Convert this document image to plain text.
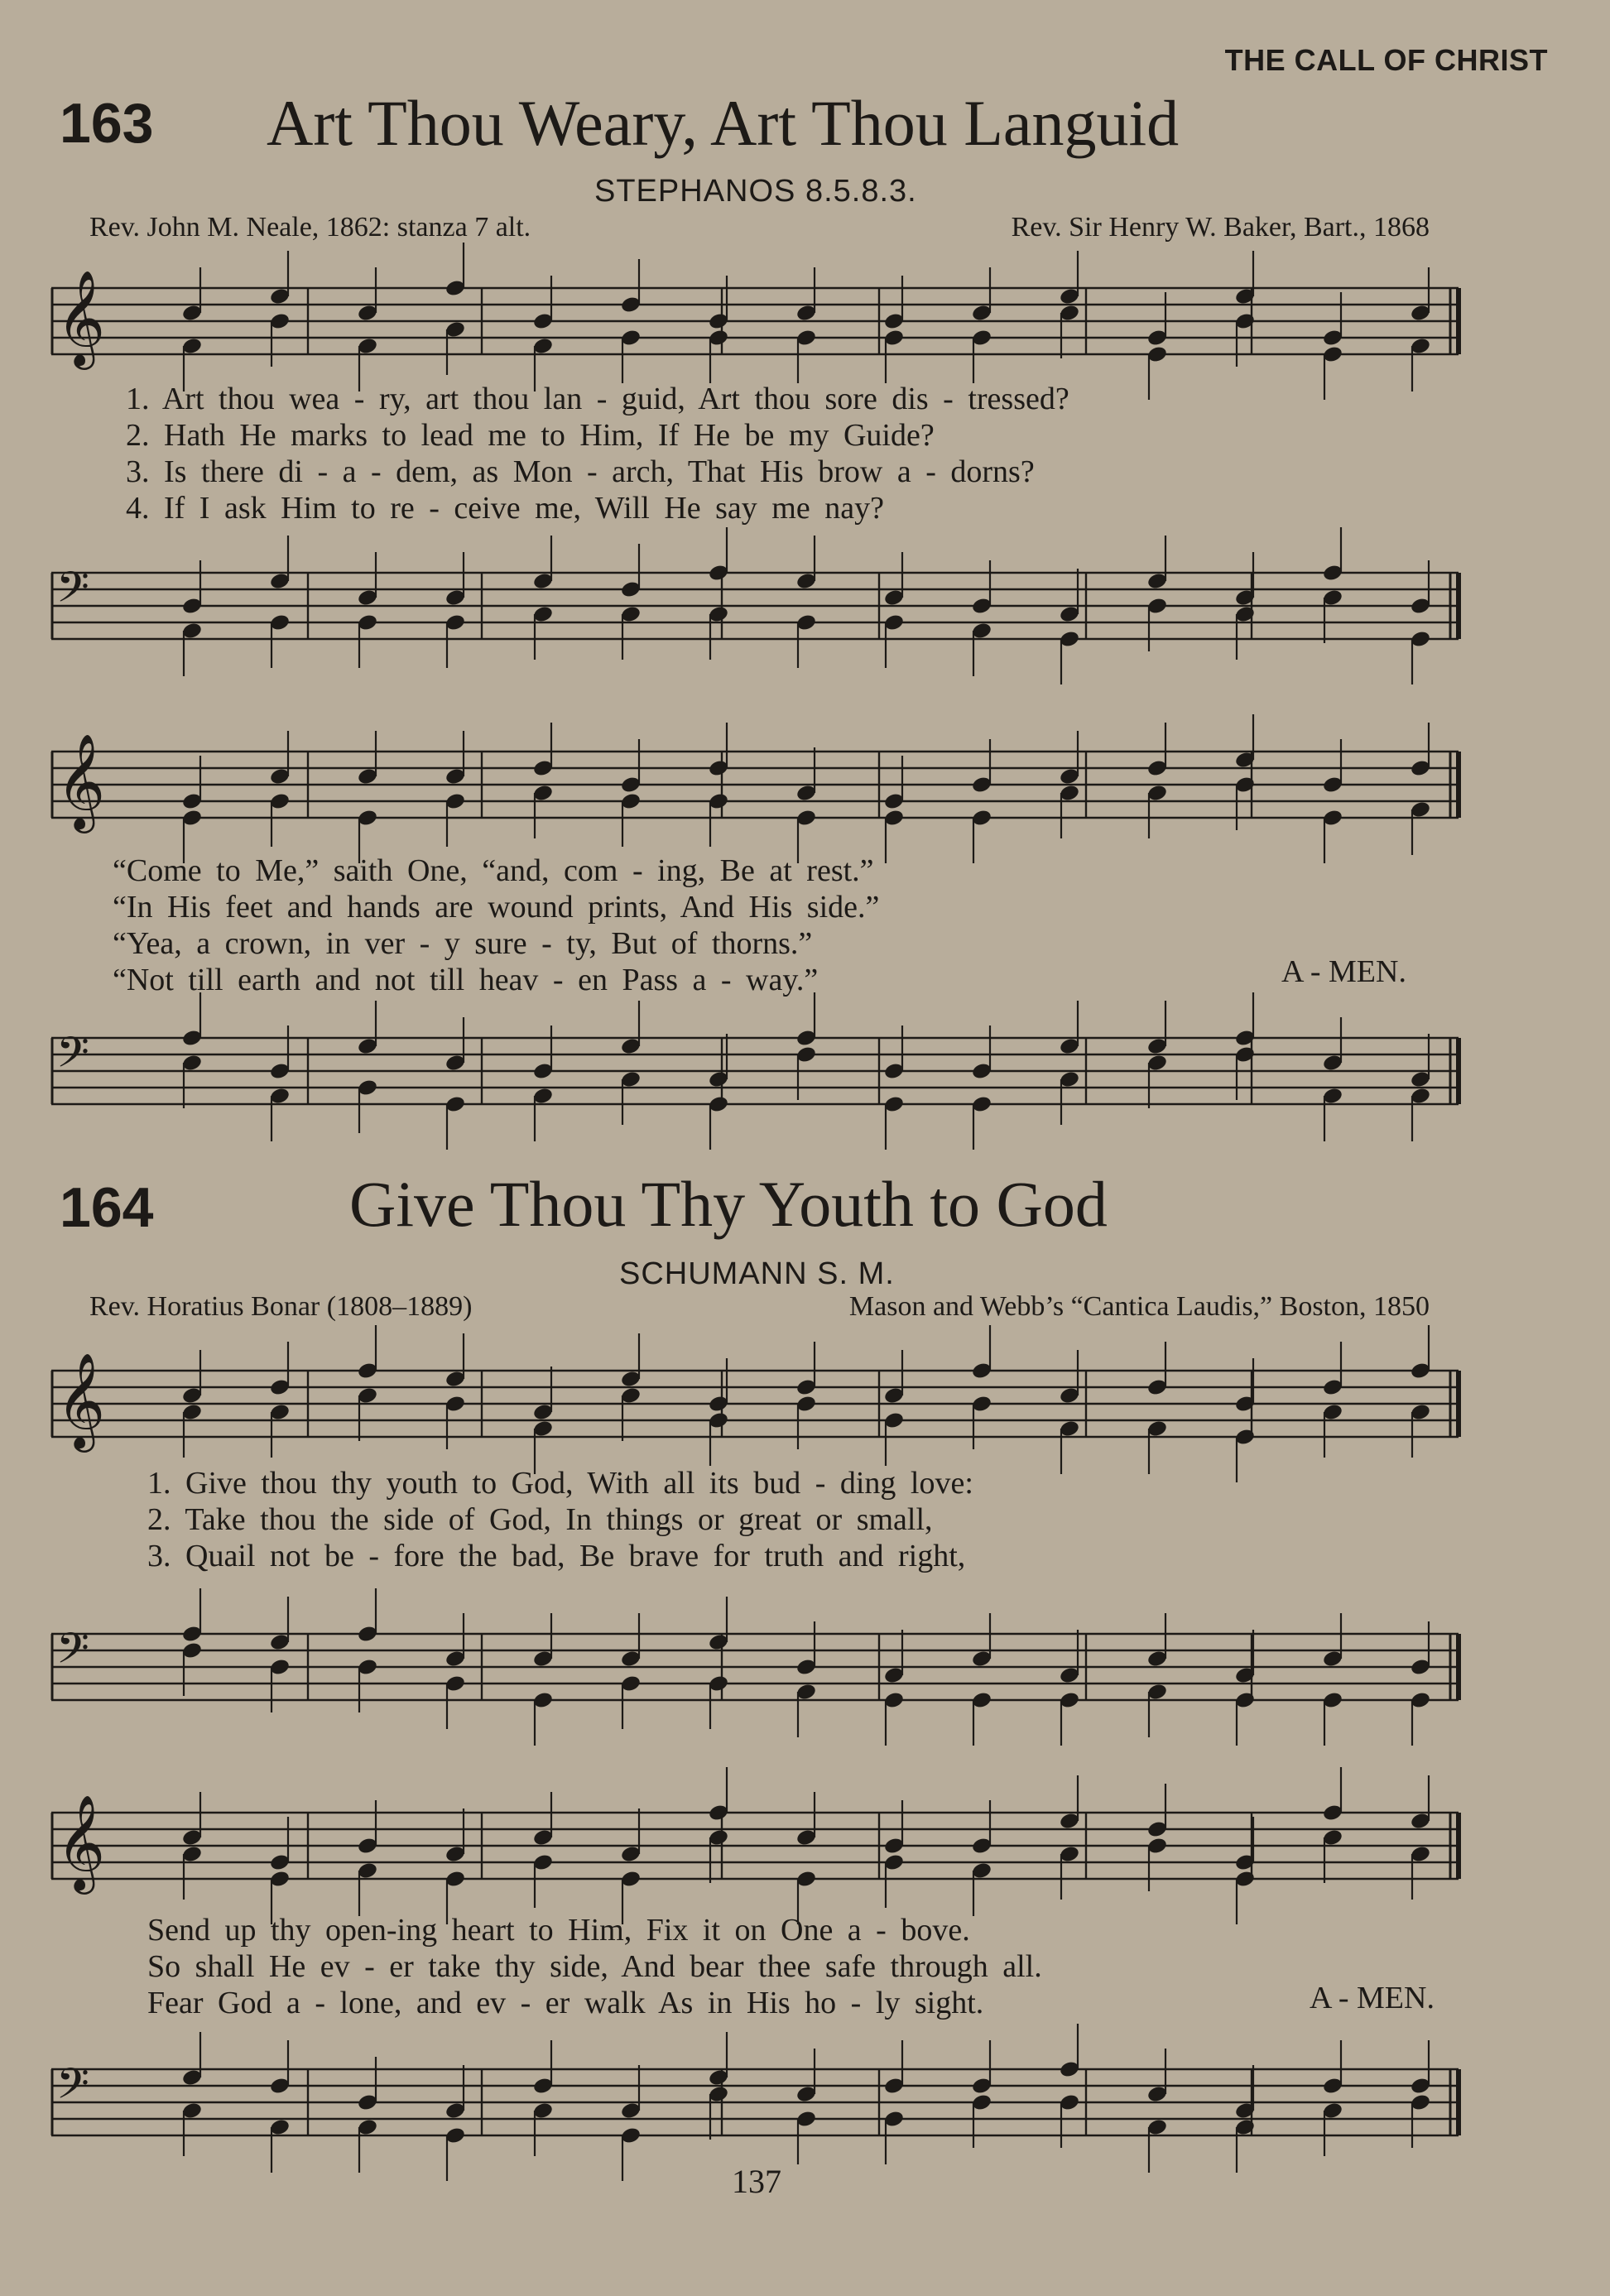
THE CALL OF CHRIST
163 Art Thou Weary, Art Thou Languid
STEPHANOS 8.5.8.3.
Rev. John M. Neale, 1862: stanza 7 alt.	Rev. Sir Henry W. Baker, Bart., 1868
𝄞
1. Art thou wea - ry, art thou lan - guid, Art thou sore dis - tressed?
2. Hath He marks to lead me to Him, If He be my Guide?
3. Is there di - a - dem, as Mon - arch, That His brow a - dorns?
4. If I ask Him to re - ceive me, Will He say me nay?
𝄢
𝄞
“Come to Me,” saith One, “and, com - ing, Be at rest.”
“In His feet and hands are wound prints, And His side.”
“Yea, a crown, in ver - y sure - ty, But of thorns.”
“Not till earth and not till heav - en Pass a - way.”	A - MEN.
𝄢
164	Give Thou Thy Youth to God
SCHUMANN S. M.
Rev. Horatius Bonar (1808–1889)	Mason and Webb’s “Cantica Laudis,” Boston, 1850
𝄞
1. Give thou thy youth to God, With all its bud - ding love:
2. Take thou the side of God, In things or great or small,
3. Quail not be - fore the bad, Be brave for truth and right,
𝄢
𝄞
Send up thy open-ing heart to Him, Fix it on One a - bove.
So shall He ev - er take thy side, And bear thee safe through all.
Fear God a - lone, and ev - er walk As in His ho - ly sight.	A - MEN.
𝄢
137
